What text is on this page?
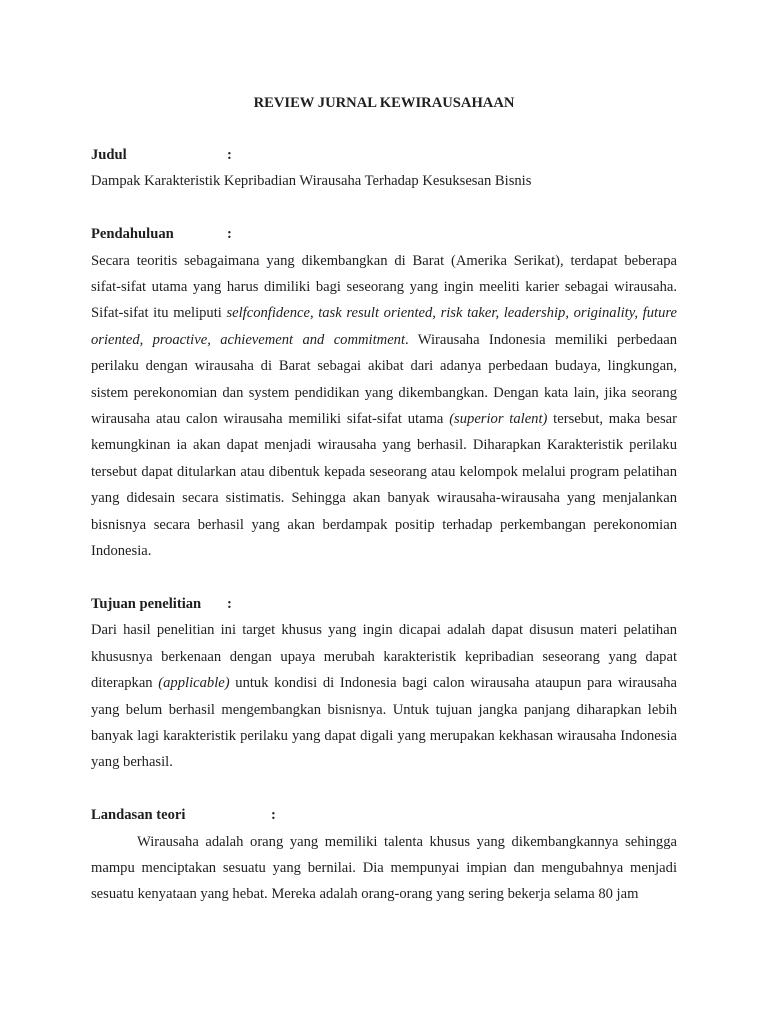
REVIEW JURNAL KEWIRAUSAHAAN

Judul	:

Dampak Karakteristik Kepribadian Wirausaha Terhadap Kesuksesan Bisnis

Pendahuluan	:

Secara teoritis sebagaimana yang dikembangkan di Barat (Amerika Serikat), terdapat beberapa sifat-sifat utama yang harus dimiliki bagi seseorang yang ingin meeliti karier sebagai wirausaha. Sifat-sifat itu meliputi selfconfidence, task result oriented, risk taker, leadership, originality, future oriented, proactive, achievement and commitment. Wirausaha Indonesia memiliki perbedaan perilaku dengan wirausaha di Barat sebagai akibat dari adanya perbedaan budaya, lingkungan, sistem perekonomian dan system pendidikan yang dikembangkan. Dengan kata lain, jika seorang wirausaha atau calon wirausaha memiliki sifat-sifat utama (superior talent) tersebut, maka besar kemungkinan ia akan dapat menjadi wirausaha yang berhasil. Diharapkan Karakteristik perilaku tersebut dapat ditularkan atau dibentuk kepada seseorang atau kelompok melalui program pelatihan yang didesain secara sistimatis. Sehingga akan banyak wirausaha-wirausaha yang menjalankan bisnisnya secara berhasil yang akan berdampak positip terhadap perkembangan perekonomian Indonesia.

Tujuan penelitian	:

Dari hasil penelitian ini target khusus yang ingin dicapai adalah dapat disusun materi pelatihan khususnya berkenaan dengan upaya merubah karakteristik kepribadian seseorang yang dapat diterapkan (applicable) untuk kondisi di Indonesia bagi calon wirausaha ataupun para wirausaha yang belum berhasil mengembangkan bisnisnya. Untuk tujuan jangka panjang diharapkan lebih banyak lagi karakteristik perilaku yang dapat digali yang merupakan kekhasan wirausaha Indonesia yang berhasil.

Landasan teori	:

Wirausaha adalah orang yang memiliki talenta khusus yang dikembangkannya sehingga mampu menciptakan sesuatu yang bernilai. Dia mempunyai impian dan mengubahnya menjadi sesuatu kenyataan yang hebat. Mereka adalah orang-orang yang sering bekerja selama 80 jam
